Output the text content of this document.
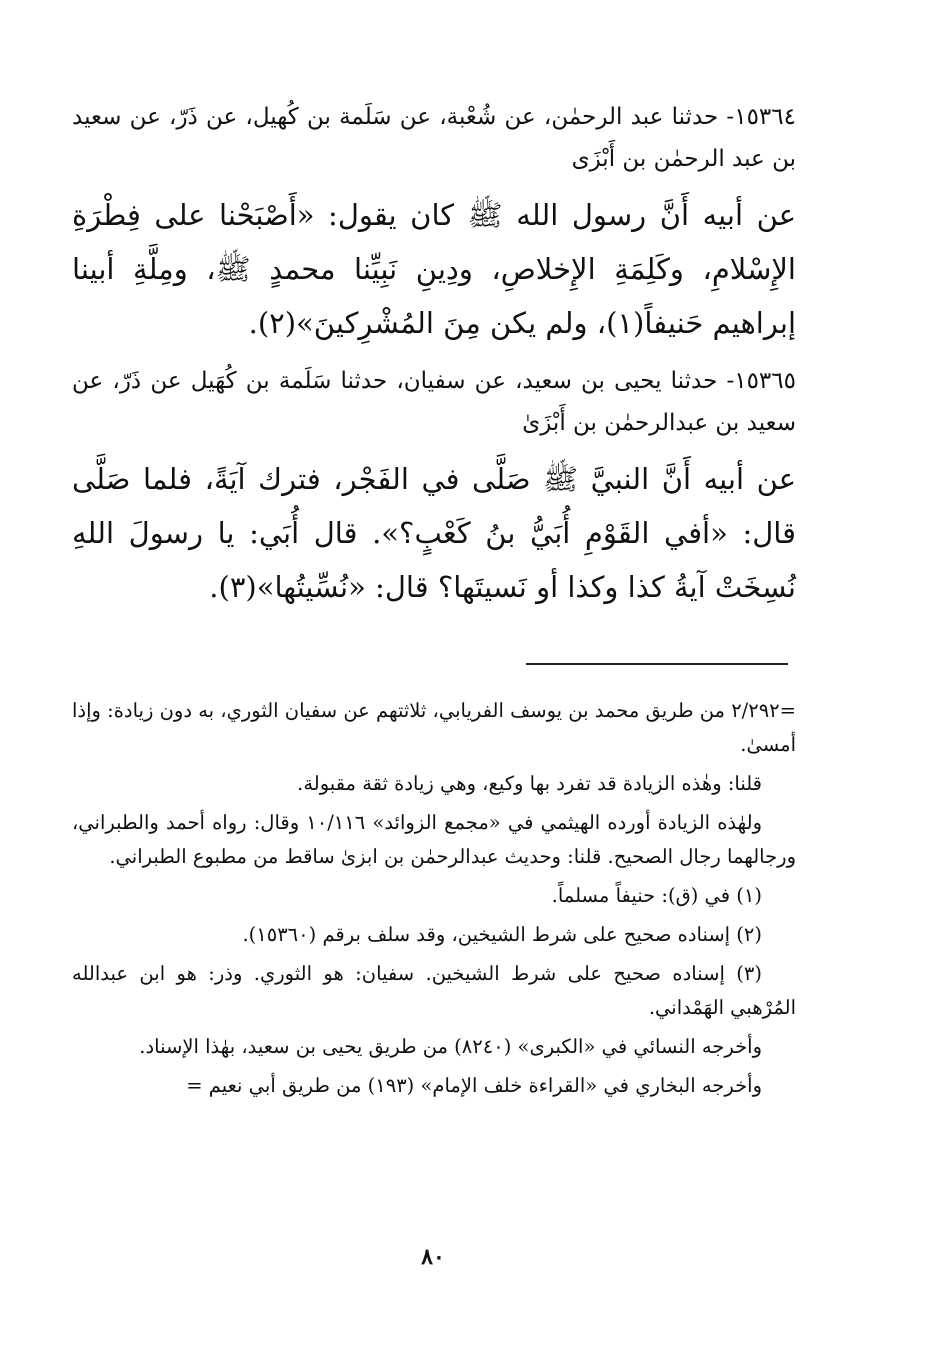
١٥٣٦٤- حدثنا عبد الرحمٰن، عن شُعْبة، عن سَلَمة بن كُهيل، عن ذَرّ، عن سعيد بن عبد الرحمٰن بن أَبْزَى

عن أبيه أَنَّ رسول الله ﷺ كان يقول: «أَصْبَحْنا على فِطْرَةِ الإِسْلامِ، وكَلِمَةِ الإِخلاصِ، ودِينِ نَبِيِّنا محمدٍ ﷺ، ومِلَّةِ أبينا إبراهيم حَنيفاً(١)، ولم يكن مِنَ المُشْرِكينَ»(٢).

١٥٣٦٥- حدثنا يحيى بن سعيد، عن سفيان، حدثنا سَلَمة بن كُهَيل عن ذَرّ، عن سعيد بن عبدالرحمٰن بن أَبْزَىٰ

عن أبيه أَنَّ النبيَّ ﷺ صَلَّى في الفَجْر، فترك آيَةً، فلما صَلَّى قال: «أفي القَوْمِ أُبَيُّ بنُ كَعْبٍ؟». قال أُبَي: يا رسولَ اللهِ نُسِخَتْ آيةُ كذا وكذا أو نَسيتَها؟ قال: «نُسِّيتُها»(٣).

=٢/٢٩٢ من طريق محمد بن يوسف الفريابي، ثلاثتهم عن سفيان الثوري، به دون زيادة: وإذا أمسىٰ.

قلنا: وهٰذه الزيادة قد تفرد بها وكيع، وهي زيادة ثقة مقبولة.

ولهٰذه الزيادة أورده الهيثمي في «مجمع الزوائد» ١٠/١١٦ وقال: رواه أحمد والطبراني، ورجالهما رجال الصحيح. قلنا: وحديث عبدالرحمٰن بن ابزىٰ ساقط من مطبوع الطبراني.

(١) في (ق): حنيفاً مسلماً.

(٢) إسناده صحيح على شرط الشيخين، وقد سلف برقم (١٥٣٦٠).

(٣) إسناده صحيح على شرط الشيخين. سفيان: هو الثوري. وذر: هو ابن عبدالله المُرْهبي الهَمْداني.

وأخرجه النسائي في «الكبرى» (٨٢٤٠) من طريق يحيى بن سعيد، بهٰذا الإسناد.

وأخرجه البخاري في «القراءة خلف الإمام» (١٩٣) من طريق أبي نعيم =

٨٠
